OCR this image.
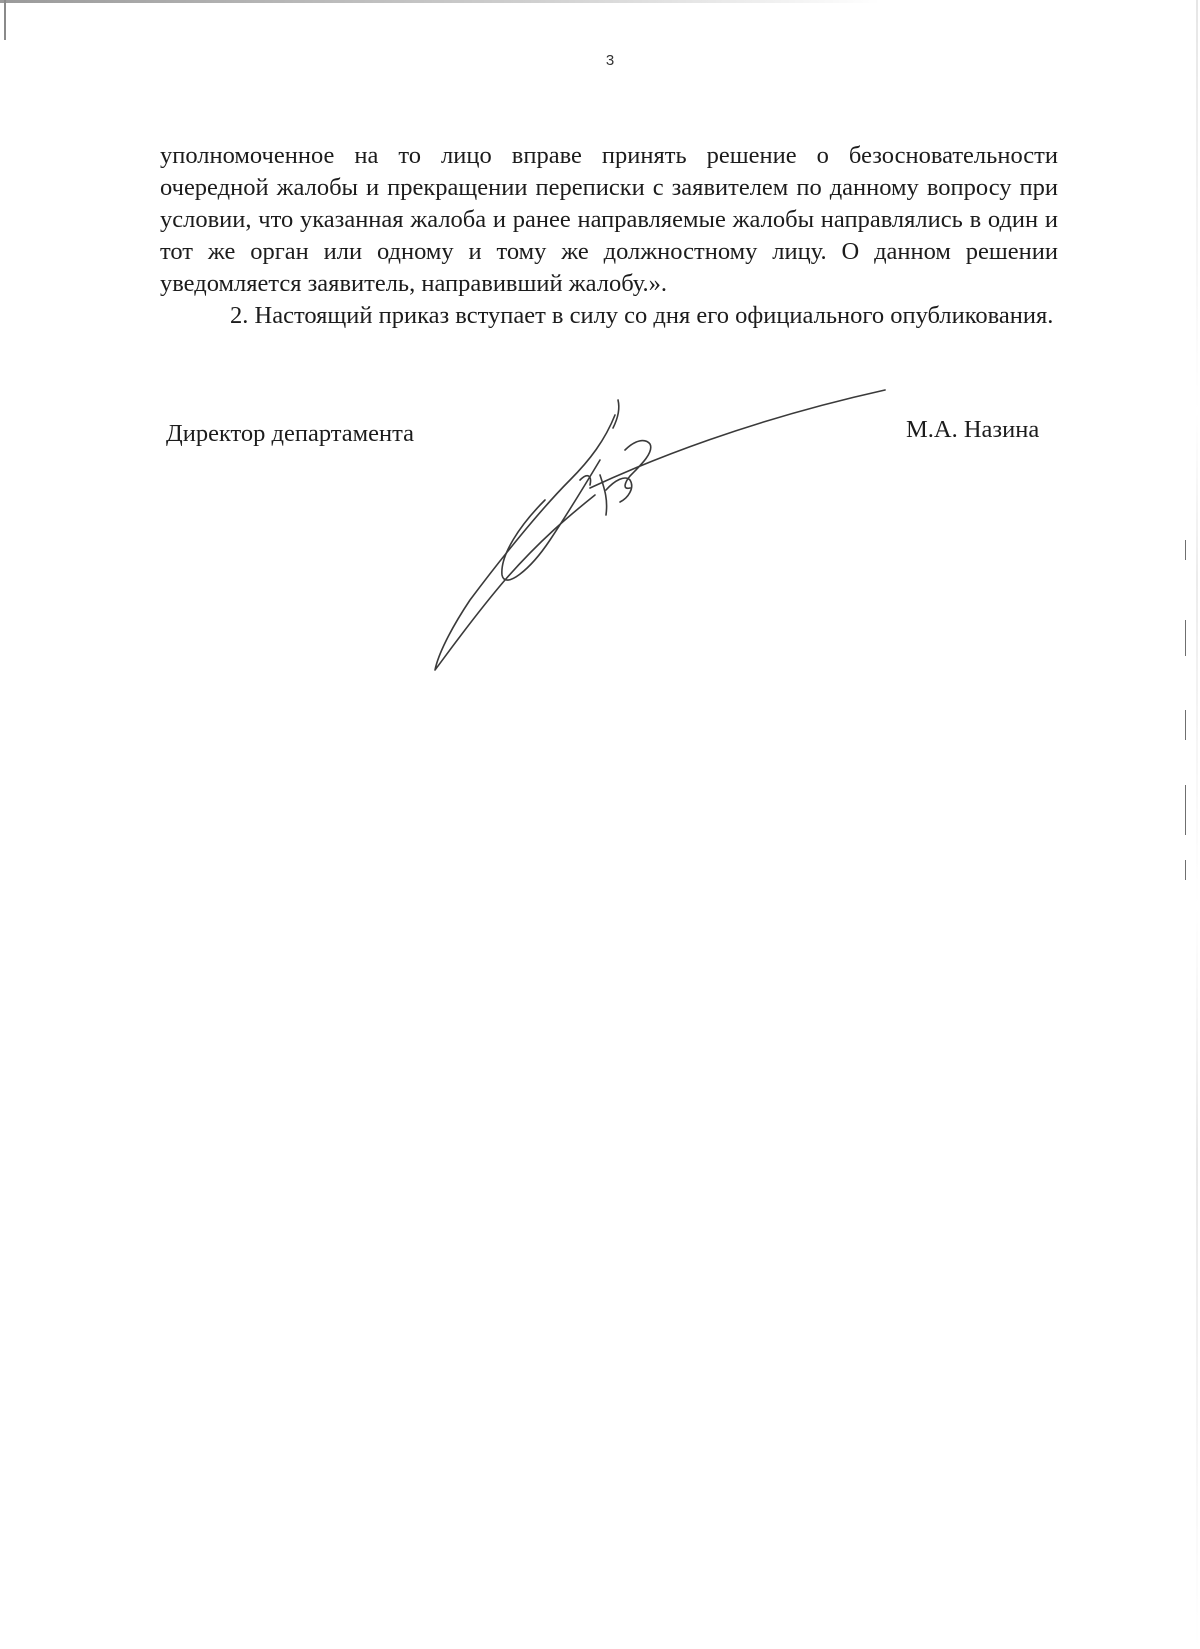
3

уполномоченное на то лицо вправе принять решение о безосновательности очередной жалобы и прекращении переписки с заявителем по данному вопросу при условии, что указанная жалоба и ранее направляемые жалобы направлялись в один и тот же орган или одному и тому же должностному лицу. О данном решении уведомляется заявитель, направивший жалобу.».

2. Настоящий приказ вступает в силу со дня его официального опубликования.

Директор департамента	М.А. Назина
